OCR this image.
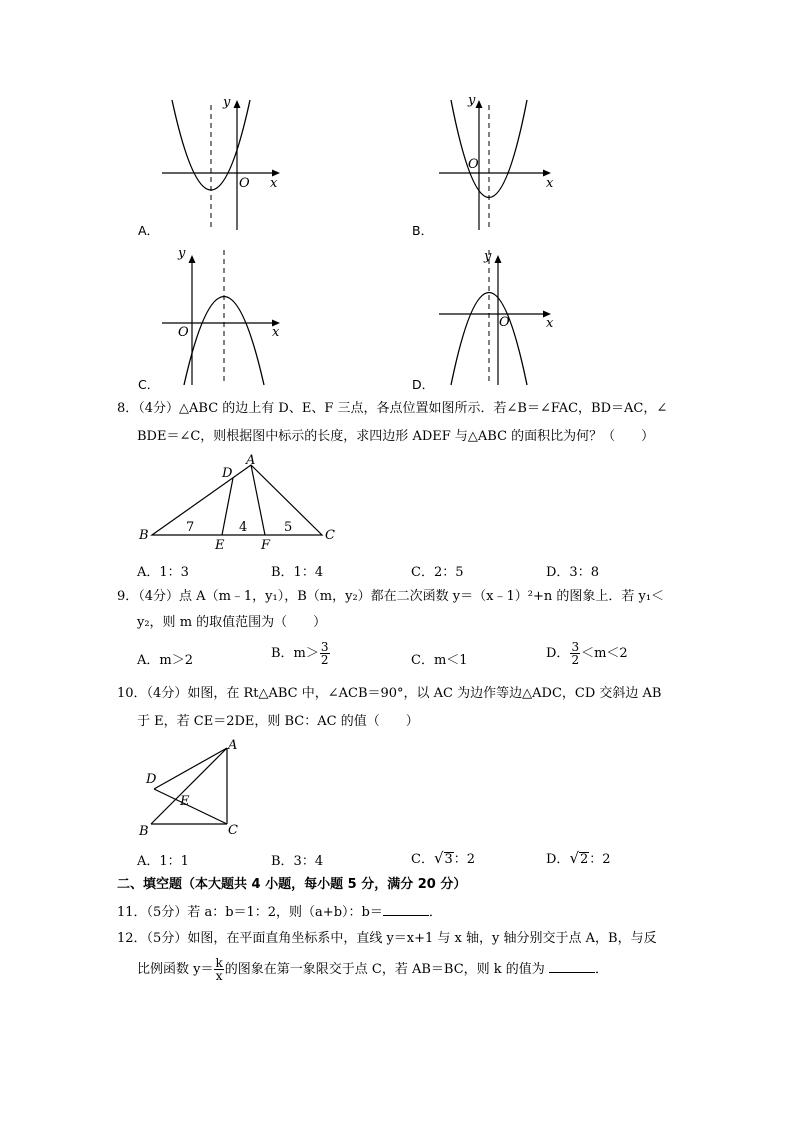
y
x
O
A．
y
x
O
B．
y
x
O
C．
y
x
O
D．
8．（4分）△ABC 的边上有 D、E、F 三点，各点位置如图所示．若∠B＝∠FAC，BD＝AC，∠
BDE＝∠C，则根据图中标示的长度，求四边形 ADEF 与△ABC 的面积比为何？（　　）
A
D
B	C
E	F
7	4	5
A．1：3	B．1：4	C．2：5	D．3：8
9．（4分）点 A（m﹣1，y₁），B（m，y₂）都在二次函数 y＝（x﹣1）²+n 的图象上．若 y₁＜
y₂，则 m 的取值范围为（　　）
A．m＞2	B．$m> \frac{3}{2}$	C．m＜1	D． $\frac{3}{2} <m<2$
10．（4分）如图，在 Rt△ABC 中，∠ACB＝90°，以 AC 为边作等边△ADC，CD 交斜边 AB
于 E，若 CE＝2DE，则 BC：AC 的值（　　）
A
D
E
B	C
A．1：1	B．3：4	C．√3：2	D．√2：2
二、填空题（本大题共 4 小题，每小题 5 分，满分 20 分）
11．（5分）若 a：b＝1：2，则（a+b）：b＝	．
12．（5分）如图，在平面直角坐标系中，直线 y＝x+1 与 x 轴，y 轴分别交于点 A，B，与反
比例函数 $y= \frac{k}{x}$ 的图象在第一象限交于点 C，若 AB＝BC，则 k 的值为	．
